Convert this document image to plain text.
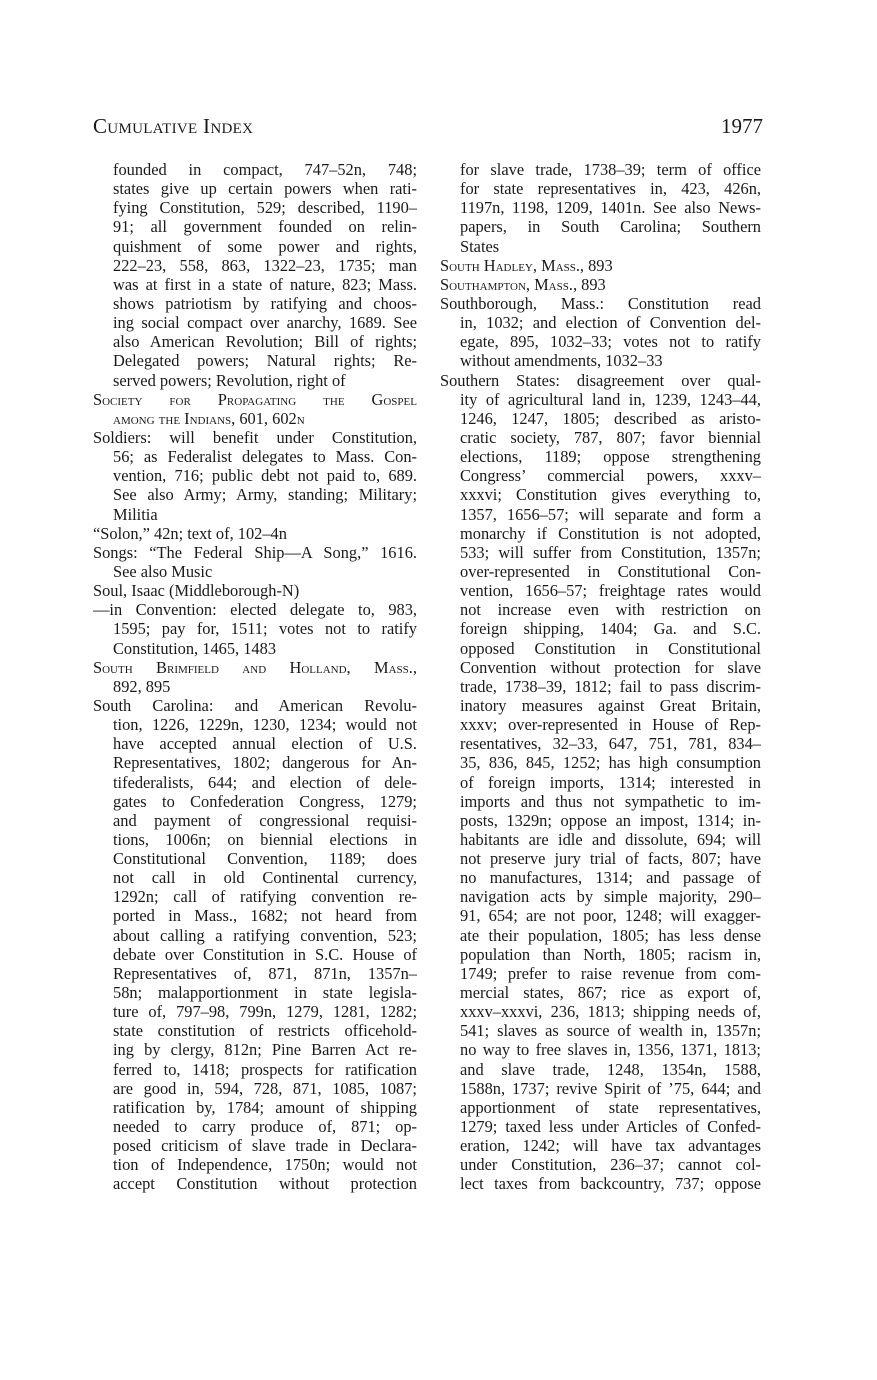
Cumulative Index	1977
founded in compact, 747–52n, 748;
states give up certain powers when rati-
fying Constitution, 529; described, 1190–
91; all government founded on relin-
quishment of some power and rights,
222–23, 558, 863, 1322–23, 1735; man
was at first in a state of nature, 823; Mass.
shows patriotism by ratifying and choos-
ing social compact over anarchy, 1689. See
also American Revolution; Bill of rights;
Delegated powers; Natural rights; Re-
served powers; Revolution, right of
Society for Propagating the Gospel
among the Indians, 601, 602n
Soldiers: will benefit under Constitution,
56; as Federalist delegates to Mass. Con-
vention, 716; public debt not paid to, 689.
See also Army; Army, standing; Military;
Militia
“Solon,” 42n; text of, 102–4n
Songs: “The Federal Ship—A Song,” 1616.
See also Music
Soul, Isaac (Middleborough-N)
—in Convention: elected delegate to, 983,
1595; pay for, 1511; votes not to ratify
Constitution, 1465, 1483
South Brimfield and Holland, Mass.,
892, 895
South Carolina: and American Revolu-
tion, 1226, 1229n, 1230, 1234; would not
have accepted annual election of U.S.
Representatives, 1802; dangerous for An-
tifederalists, 644; and election of dele-
gates to Confederation Congress, 1279;
and payment of congressional requisi-
tions, 1006n; on biennial elections in
Constitutional Convention, 1189; does
not call in old Continental currency,
1292n; call of ratifying convention re-
ported in Mass., 1682; not heard from
about calling a ratifying convention, 523;
debate over Constitution in S.C. House of
Representatives of, 871, 871n, 1357n–
58n; malapportionment in state legisla-
ture of, 797–98, 799n, 1279, 1281, 1282;
state constitution of restricts officehold-
ing by clergy, 812n; Pine Barren Act re-
ferred to, 1418; prospects for ratification
are good in, 594, 728, 871, 1085, 1087;
ratification by, 1784; amount of shipping
needed to carry produce of, 871; op-
posed criticism of slave trade in Declara-
tion of Independence, 1750n; would not
accept Constitution without protection
for slave trade, 1738–39; term of office
for state representatives in, 423, 426n,
1197n, 1198, 1209, 1401n. See also News-
papers, in South Carolina; Southern
States
South Hadley, Mass., 893
Southampton, Mass., 893
Southborough, Mass.: Constitution read
in, 1032; and election of Convention del-
egate, 895, 1032–33; votes not to ratify
without amendments, 1032–33
Southern States: disagreement over qual-
ity of agricultural land in, 1239, 1243–44,
1246, 1247, 1805; described as aristo-
cratic society, 787, 807; favor biennial
elections, 1189; oppose strengthening
Congress’ commercial powers, xxxv–
xxxvi; Constitution gives everything to,
1357, 1656–57; will separate and form a
monarchy if Constitution is not adopted,
533; will suffer from Constitution, 1357n;
over-represented in Constitutional Con-
vention, 1656–57; freightage rates would
not increase even with restriction on
foreign shipping, 1404; Ga. and S.C.
opposed Constitution in Constitutional
Convention without protection for slave
trade, 1738–39, 1812; fail to pass discrim-
inatory measures against Great Britain,
xxxv; over-represented in House of Rep-
resentatives, 32–33, 647, 751, 781, 834–
35, 836, 845, 1252; has high consumption
of foreign imports, 1314; interested in
imports and thus not sympathetic to im-
posts, 1329n; oppose an impost, 1314; in-
habitants are idle and dissolute, 694; will
not preserve jury trial of facts, 807; have
no manufactures, 1314; and passage of
navigation acts by simple majority, 290–
91, 654; are not poor, 1248; will exagger-
ate their population, 1805; has less dense
population than North, 1805; racism in,
1749; prefer to raise revenue from com-
mercial states, 867; rice as export of,
xxxv–xxxvi, 236, 1813; shipping needs of,
541; slaves as source of wealth in, 1357n;
no way to free slaves in, 1356, 1371, 1813;
and slave trade, 1248, 1354n, 1588,
1588n, 1737; revive Spirit of ’75, 644; and
apportionment of state representatives,
1279; taxed less under Articles of Confed-
eration, 1242; will have tax advantages
under Constitution, 236–37; cannot col-
lect taxes from backcountry, 737; oppose
